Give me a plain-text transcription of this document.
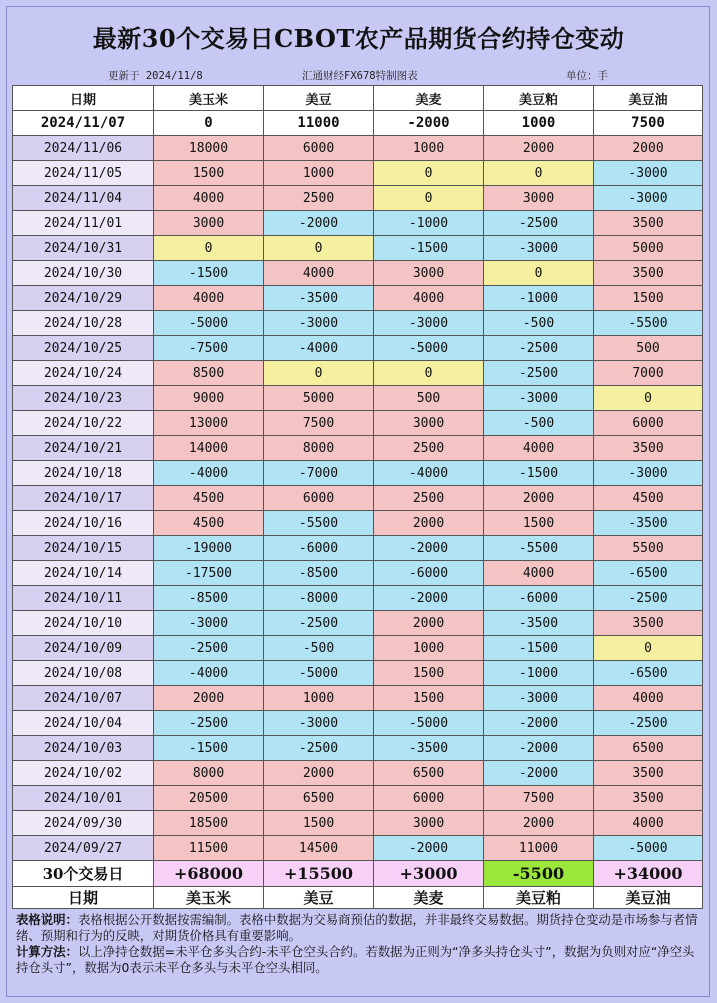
最新30个交易日CBOT农产品期货合约持仓变动
更新于 2024/11/8	汇通财经FX678特制图表	单位：手
日期	美玉米	美豆	美麦	美豆粕	美豆油
2024/11/07	0	11000	-2000	1000	7500
2024/11/06	18000	6000	1000	2000	2000
2024/11/05	1500	1000	0	0	-3000
2024/11/04	4000	2500	0	3000	-3000
2024/11/01	3000	-2000	-1000	-2500	3500
2024/10/31	0	0	-1500	-3000	5000
2024/10/30	-1500	4000	3000	0	3500
2024/10/29	4000	-3500	4000	-1000	1500
2024/10/28	-5000	-3000	-3000	-500	-5500
2024/10/25	-7500	-4000	-5000	-2500	500
2024/10/24	8500	0	0	-2500	7000
2024/10/23	9000	5000	500	-3000	0
2024/10/22	13000	7500	3000	-500	6000
2024/10/21	14000	8000	2500	4000	3500
2024/10/18	-4000	-7000	-4000	-1500	-3000
2024/10/17	4500	6000	2500	2000	4500
2024/10/16	4500	-5500	2000	1500	-3500
2024/10/15	-19000	-6000	-2000	-5500	5500
2024/10/14	-17500	-8500	-6000	4000	-6500
2024/10/11	-8500	-8000	-2000	-6000	-2500
2024/10/10	-3000	-2500	2000	-3500	3500
2024/10/09	-2500	-500	1000	-1500	0
2024/10/08	-4000	-5000	1500	-1000	-6500
2024/10/07	2000	1000	1500	-3000	4000
2024/10/04	-2500	-3000	-5000	-2000	-2500
2024/10/03	-1500	-2500	-3500	-2000	6500
2024/10/02	8000	2000	6500	-2000	3500
2024/10/01	20500	6500	6000	7500	3500
2024/09/30	18500	1500	3000	2000	4000
2024/09/27	11500	14500	-2000	11000	-5000
30个交易日	+68000	+15500	+3000	-5500	+34000
日期	美玉米	美豆	美麦	美豆粕	美豆油
表格说明：表格根据公开数据按需编制。表格中数据为交易商预估的数据，并非最终交易数据。期货持仓变动是市场参与者情绪、预期和行为的反映，对期货价格具有重要影响。
计算方法：以上净持仓数据=未平仓多头合约-未平仓空头合约。若数据为正则为“净多头持仓头寸”，数据为负则对应“净空头持仓头寸”，数据为0表示未平仓多头与未平仓空头相同。
